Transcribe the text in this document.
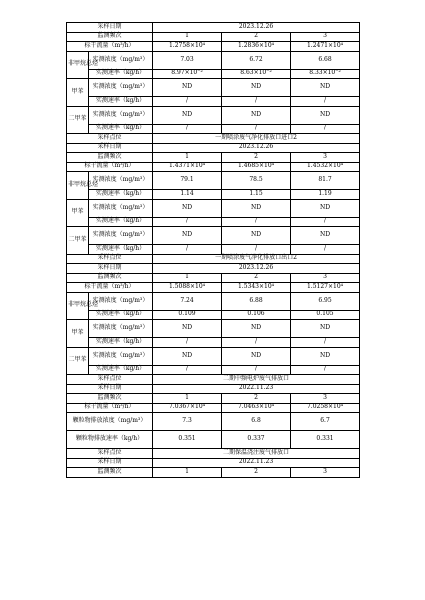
采样日期		2023.12.26		
监测频次		1	2	3
标干流量（m³/h）		1.2758×10⁴	1.2836×10⁴	1.2471×10⁴
非甲烷总烃	实测浓度（mg/m³）	7.03	6.72	6.68
	实测速率（kg/h）	8.97×10⁻²	8.63×10⁻²	8.33×10⁻²
甲苯	实测浓度（mg/m³）	ND	ND	ND
	实测速率（kg/h）	/	/	/
二甲苯	实测浓度（mg/m³）	ND	ND	ND
	实测速率（kg/h）	/	/	/
采样点位		一期喷涂废气净化排放口进口2		
采样日期		2023.12.26		
监测频次		1	2	3
标干流量（m³/h）		1.4371×10⁴	1.4685×10⁴	1.4532×10⁴
非甲烷总烃	实测浓度（mg/m³）	79.1	78.5	81.7
	实测速率（kg/h）	1.14	1.15	1.19
甲苯	实测浓度（mg/m³）	ND	ND	ND
	实测速率（kg/h）	/	/	/
二甲苯	实测浓度（mg/m³）	ND	ND	ND
	实测速率（kg/h）	/	/	/
采样点位		一期喷涂废气净化排放口出口2		
采样日期		2023.12.26		
监测频次		1	2	3
标干流量（m³/h）		1.5088×10⁴	1.5343×10⁴	1.5127×10⁴
非甲烷总烃	实测浓度（mg/m³）	7.24	6.88	6.95
	实测速率（kg/h）	0.109	0.106	0.105
甲苯	实测浓度（mg/m³）	ND	ND	ND
	实测速率（kg/h）	/	/	/
二甲苯	实测浓度（mg/m³）	ND	ND	ND
	实测速率（kg/h）	/	/	/
采样点位		二期中频电炉废气排放口		
采样日期		2022.11.23		
监测频次		1	2	3
标干流量（m³/h）		7.0367×10⁴	7.0463×10⁴	7.0258×10⁴
颗粒物排放浓度（mg/m³）		7.3	6.8	6.7
颗粒物排放速率（kg/h）		0.351	0.337	0.331
采样点位		二期保温浇注废气排放口		
采样日期		2022.11.23		
监测频次		1	2	3
